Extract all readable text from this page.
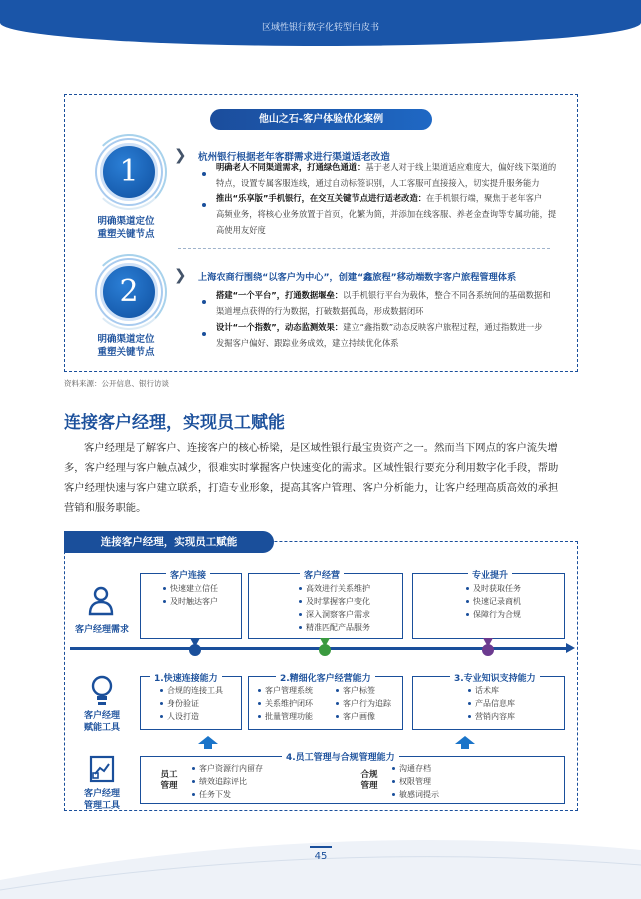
区域性银行数字化转型白皮书
他山之石-客户体验优化案例
1
明确渠道定位
重塑关键节点
❯ 杭州银行根据老年客群需求进行渠道适老改造
明确老人不同渠道需求，打通绿色通道：基于老人对于线上渠道适应难度大，偏好线下渠道的
特点，设置专属客服连线，通过自动标签识别，人工客服可直接接入，切实提升服务能力
推出“乐享版”手机银行，在交互关键节点进行适老改造：在手机银行端，聚焦于老年客户
高频业务，将核心业务放置于首页，化繁为简，并添加在线客服、养老金查询等专属功能，提
高使用友好度
2
明确渠道定位
重塑关键节点
❯ 上海农商行围绕“以客户为中心”，创建“鑫旅程”移动端数字客户旅程管理体系
搭建“一个平台”，打通数据堰垒：以手机银行平台为载体，整合不同各系统间的基础数据和
渠道埋点获得的行为数据，打破数据孤岛，形成数据闭环
设计“一个指数”，动态监测效果：建立“鑫指数”动态反映客户旅程过程，通过指数进一步
发掘客户偏好、跟踪业务成效，建立持续优化体系
资料来源：公开信息、银行访谈
连接客户经理，实现员工赋能
客户经理是了解客户、连接客户的核心桥梁，是区域性银行最宝贵资产之一。然而当下网点的客户流失增
多，客户经理与客户触点减少，很难实时掌握客户快速变化的需求。区域性银行要充分利用数字化手段，帮助
客户经理快速与客户建立联系，打造专业形象，提高其客户管理、客户分析能力，让客户经理高质高效的承担
营销和服务职能。
连接客户经理，实现员工赋能
客户经理需求
客户经理
赋能工具
客户经理
管理工具
客户连接
快速建立信任
及时触达客户
客户经营
高效进行关系维护
及时掌握客户变化
深入洞察客户需求
精准匹配产品服务
专业提升
及时获取任务
快速记录商机
保障行为合规
1.快速连接能力
合规的连接工具
身份验证
人设打造
2.精细化客户经营能力
客户管理系统
关系维护闭环
批量管理功能
客户标签
客户行为追踪
客户画像
3.专业知识支持能力
话术库
产品信息库
营销内容库
4.员工管理与合规管理能力
员工
管理
客户资源行内留存
绩效追踪评比
任务下发
合规
管理
沟通存档
权限管理
敏感词提示
45
